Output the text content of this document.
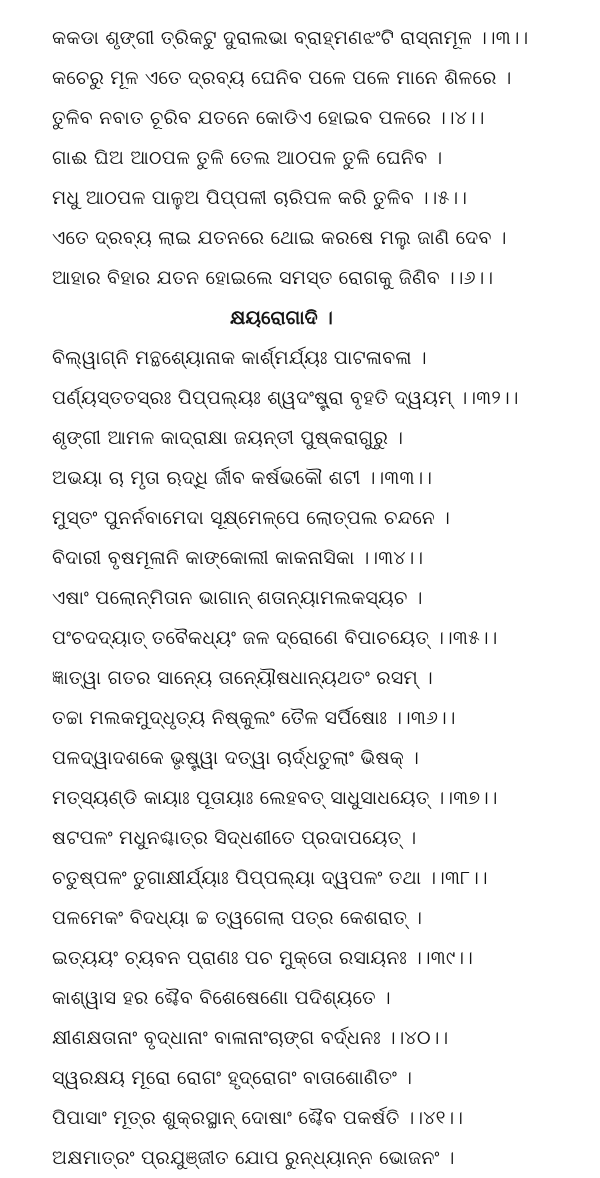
କକଡା ଶୃଙ୍ଗୀ ତ୍ରିକଟୁ ଦୁରାଲଭା ବ୍ରାହ୍ମଣଝଂଟି ରାସ୍ନାମୂଳ ।।୩।।
କଚେରୁ ମୂଳ ଏତେ ଦ୍ରବ୍ୟ ଘେନିବ ପଳେ ପଳେ ମାନେ ଶିଳରେ ।
ତୁଳିବ ନବାତ ଚୂରିବ ଯତନେ କୋଡିଏ ହୋଇବ ପଳରେ ।।୪।।
ଗାଈ ଘିଅ ଆଠପଳ ତୁଳି ତେଲ ଆଠପଳ ତୁଳି ଘେନିବ ।
ମଧୁ ଆଠପଳ ପାଳୁଅ ପିପ୍ପଳୀ ଚାରିପଳ କରି ତୁଳିବ ।।୫।।
ଏତେ ଦ୍ରବ୍ୟ ଲାଇ ଯତନରେ ଥୋଇ କରଷେ ମଲୁ ଜାଣି ଦେବ ।
ଆହାର ବିହାର ଯତନ ହୋଇଲେ ସମସ୍ତ ରୋଗକୁ ଜିଣିବ ।।୬।।
କ୍ଷୟରୋଗାଦି ।
ବିଲ୍ୱାଗ୍ନି ମନ୍ଥଶ୍ୟୋନାକ କାର୍ଶ୍ମର୍ଯ୍ୟଃ ପାଟଳାବଳା ।
ପର୍ଣ୍ୟସ୍ତତସ୍ରଃ ପିପ୍ପଲ୍ୟଃ ଶ୍ୱଦଂଷ୍ଟ୍ରା ବୃହତି ଦ୍ୱୟମ୍ ।।୩୨।।
ଶୃଙ୍ଗୀ ଆମଳ କାଦ୍ରାକ୍ଷା ଜୟନ୍ତୀ ପୁଷ୍କରାଗୁରୁ ।
ଅଭୟା ଚା ମୃତା ଋଦ୍ଧି ର୍ଜୀବ କର୍ଷଭକୌ ଶଟୀ ।।୩୩।।
ମୁସ୍ତଂ ପୁନର୍ନବାମେଦା ସୂକ୍ଷ୍ମେଳ୍ପେ ଲୋତ୍ପଲ ଚନ୍ଦନେ ।
ବିଦାରୀ ବୃଷମୂଳାନି କାଙ୍କୋଲୀ କାକନାସିକା ।।୩୪।।
ଏଷାଂ ପଲୋନ୍ମିତାନ ଭାଗାନ୍ ଶତାନ୍ୟାମଲକସ୍ୟଚ ।
ପଂଚଦଦ୍ୟାତ୍ ତବୈକଧ୍ୟଂ ଜଳ ଦ୍ରୋଣେ ବିପାଚୟେତ୍ ।।୩୫।।
ଜ୍ଞାତ୍ୱା ଗତର ସାନ୍ୟେ ତାନ୍ୟୌଷଧାନ୍ୟଥତଂ ରସମ୍ ।
ତଚ୍ଚା ମଲକମୁଦ୍ଧୃତ୍ୟ ନିଷ୍କୁଲଂ ତୈଳ ସର୍ପିଷୋଃ ।।୩୬।।
ପଳଦ୍ୱାଦଶକେ ଭୃଷ୍ଟ୍ୱା ଦତ୍ୱା ଚାର୍ଦ୍ଧତୁଲାଂ ଭିଷକ୍ ।
ମତ୍ସ୍ୟଣ୍ଡି କାୟାଃ ପୂତାୟାଃ ଲେହବତ୍ ସାଧୁସାଧୟେତ୍ ।।୩୭।।
ଷଟପଳଂ ମଧୁନଶ୍ଚାତ୍ର ସିଦ୍ଧଶୀତେ ପ୍ରଦାପୟେତ୍ ।
ଚତୁଷ୍ପଳଂ ତୁଗାକ୍ଷୀର୍ଯ୍ୟାଃ ପିପ୍ପଲ୍ୟା ଦ୍ୱପଳଂ ତଥା ।।୩୮।।
ପଳମେକଂ ବିଦଧ୍ୟା ଚ୍ଚ ତ୍ୱଗେଲା ପତ୍ର କେଶରାତ୍ ।
ଇତ୍ୟୟଂ ଚ୍ୟବନ ପ୍ରାଣଃ ପଚ ମୁକ୍ତୋ ରସାୟନଃ ।।୩୯।।
କାଶ୍ୱାସ ହର ଶ୍ଚୈବ ବିଶେଷେଣୋ ପଦିଶ୍ୟତେ ।
କ୍ଷୀଣକ୍ଷତାନାଂ ବୃଦ୍ଧାନାଂ ବାଳାନାଂଚାଙ୍ଗ ବର୍ଦ୍ଧନଃ ।।୪୦।।
ସ୍ୱରକ୍ଷୟ ମୂରୋ ରୋଗଂ ହୃଦ୍ରୋଗଂ ବାତାଶୋଣିତଂ ।
ପିପାସାଂ ମୂତ୍ର ଶୁକ୍ରସ୍ଥାନ୍ ଦୋଷାଂ ଶ୍ଚୈବ ପକର୍ଷତି ।।୪୧।।
ଅକ୍ଷମାତ୍ରଂ ପ୍ରଯୁଞ୍ଜୀତ ଯୋପ ରୁନ୍ଧ୍ୟାନ୍ନ ଭୋଜନଂ ।
